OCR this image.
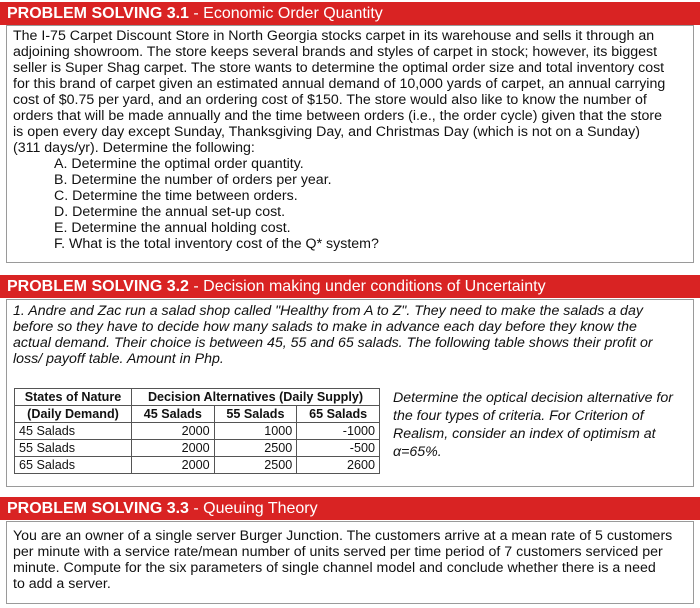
PROBLEM SOLVING 3.1 - Economic Order Quantity
The I-75 Carpet Discount Store in North Georgia stocks carpet in its warehouse and sells it through an
adjoining showroom. The store keeps several brands and styles of carpet in stock; however, its biggest
seller is Super Shag carpet. The store wants to determine the optimal order size and total inventory cost
for this brand of carpet given an estimated annual demand of 10,000 yards of carpet, an annual carrying
cost of $0.75 per yard, and an ordering cost of $150. The store would also like to know the number of
orders that will be made annually and the time between orders (i.e., the order cycle) given that the store
is open every day except Sunday, Thanksgiving Day, and Christmas Day (which is not on a Sunday)
(311 days/yr). Determine the following:
A. Determine the optimal order quantity.
B. Determine the number of orders per year.
C. Determine the time between orders.
D. Determine the annual set-up cost.
E. Determine the annual holding cost.
F. What is the total inventory cost of the Q* system?
PROBLEM SOLVING 3.2 - Decision making under conditions of Uncertainty
1. Andre and Zac run a salad shop called "Healthy from A to Z". They need to make the salads a day
before so they have to decide how many salads to make in advance each day before they know the
actual demand. Their choice is between 45, 55 and 65 salads. The following table shows their profit or
loss/ payoff table. Amount in Php.
States of Nature	Decision Alternatives (Daily Supply)		
(Daily Demand)	45 Salads	55 Salads	65 Salads
45 Salads	2000	1000	-1000
55 Salads	2000	2500	-500
65 Salads	2000	2500	2600
Determine the optical decision alternative for
the four types of criteria. For Criterion of
Realism, consider an index of optimism at
α=65%.
PROBLEM SOLVING 3.3 - Queuing Theory
You are an owner of a single server Burger Junction. The customers arrive at a mean rate of 5 customers
per minute with a service rate/mean number of units served per time period of 7 customers serviced per
minute. Compute for the six parameters of single channel model and conclude whether there is a need
to add a server.
